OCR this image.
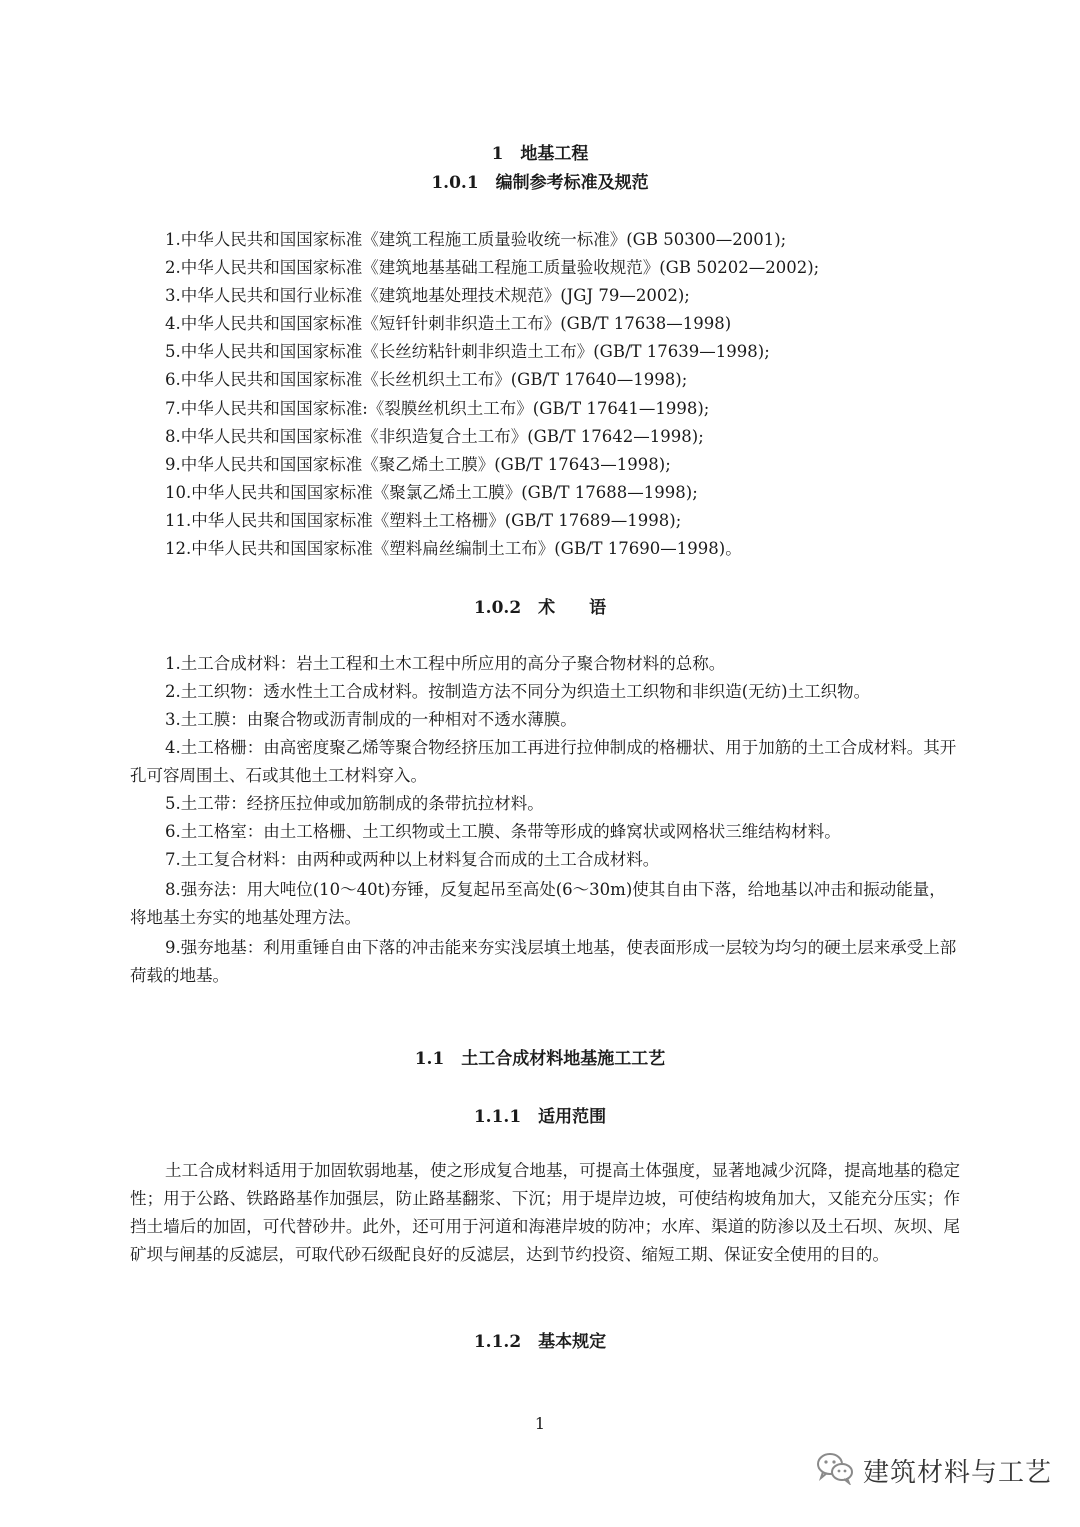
1　地基工程
1.0.1　编制参考标准及规范
1.中华人民共和国国家标准《建筑工程施工质量验收统一标准》(GB 50300—2001);
2.中华人民共和国国家标准《建筑地基基础工程施工质量验收规范》(GB 50202—2002);
3.中华人民共和国行业标准《建筑地基处理技术规范》(JGJ 79—2002);
4.中华人民共和国国家标准《短钎针刺非织造土工布》(GB/T 17638—1998)
5.中华人民共和国国家标准《长丝纺粘针刺非织造土工布》(GB/T 17639—1998);
6.中华人民共和国国家标准《长丝机织土工布》(GB/T 17640—1998);
7.中华人民共和国国家标准:《裂膜丝机织土工布》(GB/T 17641—1998);
8.中华人民共和国国家标准《非织造复合土工布》(GB/T 17642—1998);
9.中华人民共和国国家标准《聚乙烯土工膜》(GB/T 17643—1998);
10.中华人民共和国国家标准《聚氯乙烯土工膜》(GB/T 17688—1998);
11.中华人民共和国国家标准《塑料土工格栅》(GB/T 17689—1998);
12.中华人民共和国国家标准《塑料扁丝编制土工布》(GB/T 17690—1998)。
1.0.2　术　　语
1.土工合成材料：岩土工程和土木工程中所应用的高分子聚合物材料的总称。
2.土工织物：透水性土工合成材料。按制造方法不同分为织造土工织物和非织造(无纺)土工织物。
3.土工膜：由聚合物或沥青制成的一种相对不透水薄膜。
4.土工格栅：由高密度聚乙烯等聚合物经挤压加工再进行拉伸制成的格栅状、用于加筋的土工合成材料。其开孔可容周围土、石或其他土工材料穿入。
5.土工带：经挤压拉伸或加筋制成的条带抗拉材料。
6.土工格室：由土工格栅、土工织物或土工膜、条带等形成的蜂窝状或网格状三维结构材料。
7.土工复合材料：由两种或两种以上材料复合而成的土工合成材料。
8.强夯法：用大吨位(10～40t)夯锤，反复起吊至高处(6～30m)使其自由下落，给地基以冲击和振动能量，将地基土夯实的地基处理方法。
9.强夯地基：利用重锤自由下落的冲击能来夯实浅层填土地基，使表面形成一层较为均匀的硬土层来承受上部荷载的地基。
1.1　土工合成材料地基施工工艺
1.1.1　适用范围
土工合成材料适用于加固软弱地基，使之形成复合地基，可提高土体强度，显著地减少沉降，提高地基的稳定性；用于公路、铁路路基作加强层，防止路基翻浆、下沉；用于堤岸边坡，可使结构坡角加大，又能充分压实；作挡土墙后的加固，可代替砂井。此外，还可用于河道和海港岸坡的防冲；水库、渠道的防渗以及土石坝、灰坝、尾矿坝与闸基的反滤层，可取代砂石级配良好的反滤层，达到节约投资、缩短工期、保证安全使用的目的。
1.1.2　基本规定
1
建筑材料与工艺
